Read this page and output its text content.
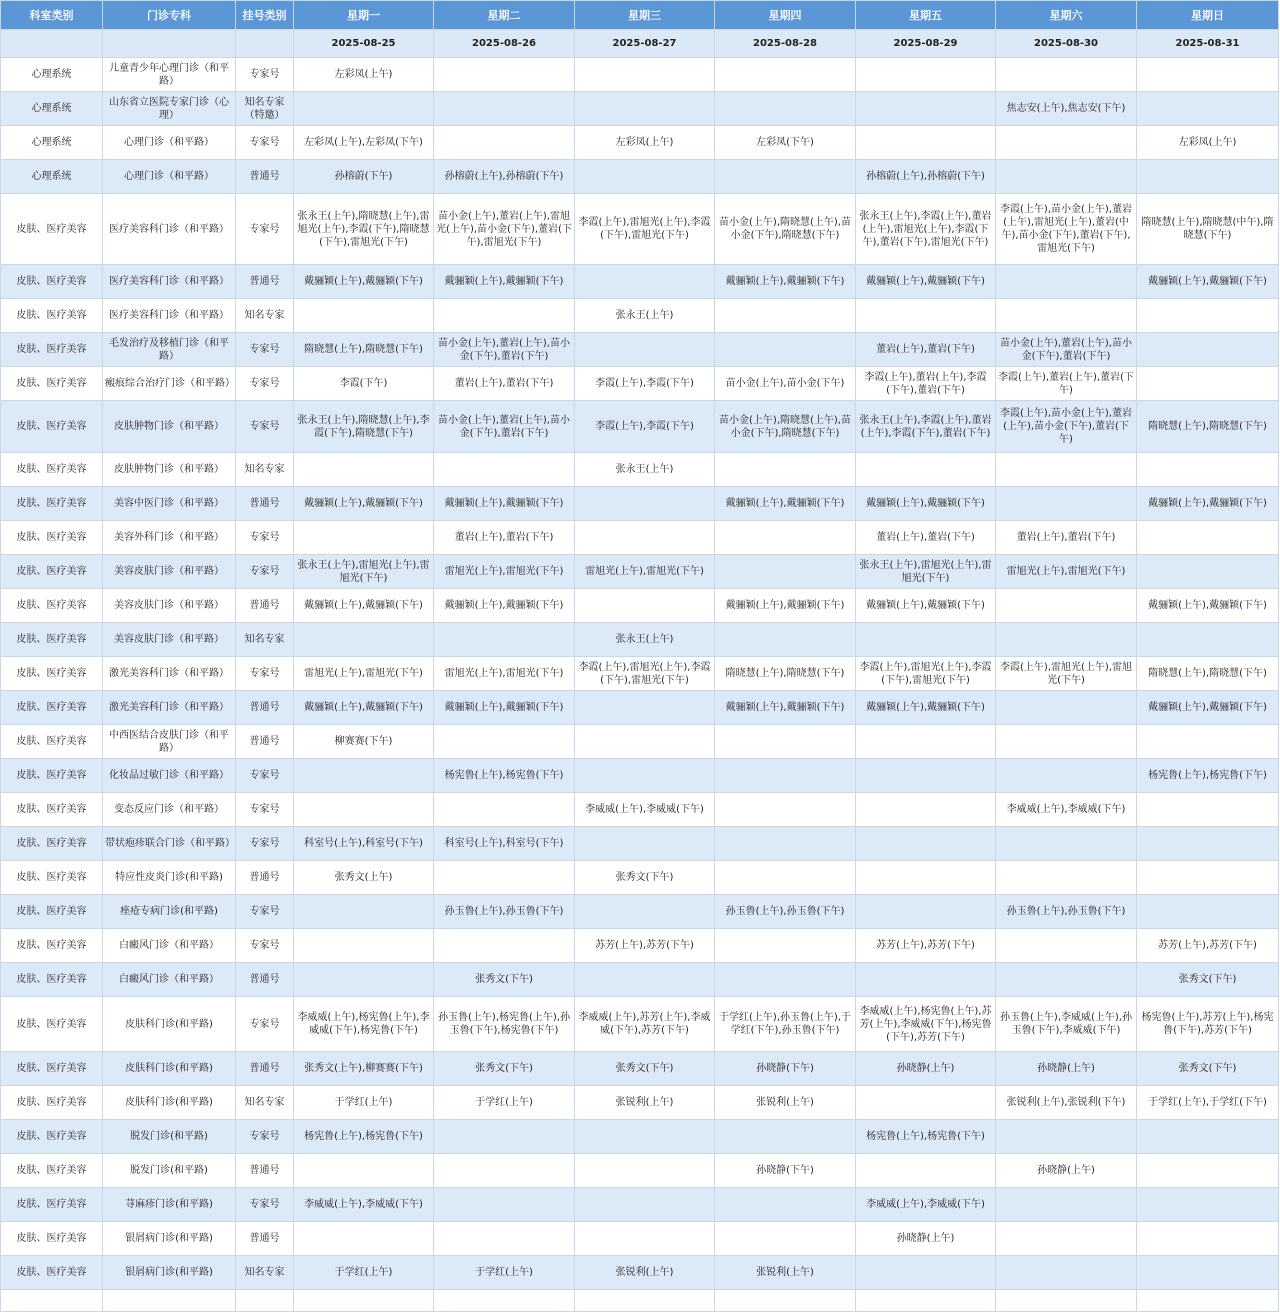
科室类别	门诊专科	挂号类别	星期一	星期二	星期三	星期四	星期五	星期六	星期日
			2025-08-25	2025-08-26	2025-08-27	2025-08-28	2025-08-29	2025-08-30	2025-08-31
心理系统	儿童青少年心理门诊（和平路）	专家号	左彩凤(上午)						
心理系统	山东省立医院专家门诊（心理）	知名专家（特邀）						焦志安(上午),焦志安(下午)	
心理系统	心理门诊（和平路）	专家号	左彩凤(上午),左彩凤(下午)		左彩凤(上午)	左彩凤(下午)			左彩凤(上午)
心理系统	心理门诊（和平路）	普通号	孙榕蔚(下午)	孙榕蔚(上午),孙榕蔚(下午)			孙榕蔚(上午),孙榕蔚(下午)		
皮肤、医疗美容	医疗美容科门诊（和平路）	专家号	张永王(上午),隋晓慧(上午),雷旭光(上午),李霞(下午),隋晓慧(下午),雷旭光(下午)	苗小金(上午),董岩(上午),雷旭光(上午),苗小金(下午),董岩(下午),雷旭光(下午)	李霞(上午),雷旭光(上午),李霞(下午),雷旭光(下午)	苗小金(上午),隋晓慧(上午),苗小金(下午),隋晓慧(下午)	张永王(上午),李霞(上午),董岩(上午),雷旭光(上午),李霞(下午),董岩(下午),雷旭光(下午)	李霞(上午),苗小金(上午),董岩(上午),雷旭光(上午),董岩(中午),苗小金(下午),董岩(下午),雷旭光(下午)	隋晓慧(上午),隋晓慧(中午),隋晓慧(下午)
皮肤、医疗美容	医疗美容科门诊（和平路）	普通号	戴骊颖(上午),戴骊颖(下午)	戴骊颖(上午),戴骊颖(下午)		戴骊颖(上午),戴骊颖(下午)	戴骊颖(上午),戴骊颖(下午)		戴骊颖(上午),戴骊颖(下午)
皮肤、医疗美容	医疗美容科门诊（和平路）	知名专家			张永王(上午)				
皮肤、医疗美容	毛发治疗及移植门诊（和平路）	专家号	隋晓慧(上午),隋晓慧(下午)	苗小金(上午),董岩(上午),苗小金(下午),董岩(下午)			董岩(上午),董岩(下午)	苗小金(上午),董岩(上午),苗小金(下午),董岩(下午)	
皮肤、医疗美容	瘢痕综合治疗门诊（和平路）	专家号	李霞(下午)	董岩(上午),董岩(下午)	李霞(上午),李霞(下午)	苗小金(上午),苗小金(下午)	李霞(上午),董岩(上午),李霞(下午),董岩(下午)	李霞(上午),董岩(上午),董岩(下午)	
皮肤、医疗美容	皮肤肿物门诊（和平路）	专家号	张永王(上午),隋晓慧(上午),李霞(下午),隋晓慧(下午)	苗小金(上午),董岩(上午),苗小金(下午),董岩(下午)	李霞(上午),李霞(下午)	苗小金(上午),隋晓慧(上午),苗小金(下午),隋晓慧(下午)	张永王(上午),李霞(上午),董岩(上午),李霞(下午),董岩(下午)	李霞(上午),苗小金(上午),董岩(上午),苗小金(下午),董岩(下午)	隋晓慧(上午),隋晓慧(下午)
皮肤、医疗美容	皮肤肿物门诊（和平路）	知名专家			张永王(上午)				
皮肤、医疗美容	美容中医门诊（和平路）	普通号	戴骊颖(上午),戴骊颖(下午)	戴骊颖(上午),戴骊颖(下午)		戴骊颖(上午),戴骊颖(下午)	戴骊颖(上午),戴骊颖(下午)		戴骊颖(上午),戴骊颖(下午)
皮肤、医疗美容	美容外科门诊（和平路）	专家号		董岩(上午),董岩(下午)			董岩(上午),董岩(下午)	董岩(上午),董岩(下午)	
皮肤、医疗美容	美容皮肤门诊（和平路）	专家号	张永王(上午),雷旭光(上午),雷旭光(下午)	雷旭光(上午),雷旭光(下午)	雷旭光(上午),雷旭光(下午)		张永王(上午),雷旭光(上午),雷旭光(下午)	雷旭光(上午),雷旭光(下午)	
皮肤、医疗美容	美容皮肤门诊（和平路）	普通号	戴骊颖(上午),戴骊颖(下午)	戴骊颖(上午),戴骊颖(下午)		戴骊颖(上午),戴骊颖(下午)	戴骊颖(上午),戴骊颖(下午)		戴骊颖(上午),戴骊颖(下午)
皮肤、医疗美容	美容皮肤门诊（和平路）	知名专家			张永王(上午)				
皮肤、医疗美容	激光美容科门诊（和平路）	专家号	雷旭光(上午),雷旭光(下午)	雷旭光(上午),雷旭光(下午)	李霞(上午),雷旭光(上午),李霞(下午),雷旭光(下午)	隋晓慧(上午),隋晓慧(下午)	李霞(上午),雷旭光(上午),李霞(下午),雷旭光(下午)	李霞(上午),雷旭光(上午),雷旭光(下午)	隋晓慧(上午),隋晓慧(下午)
皮肤、医疗美容	激光美容科门诊（和平路）	普通号	戴骊颖(上午),戴骊颖(下午)	戴骊颖(上午),戴骊颖(下午)		戴骊颖(上午),戴骊颖(下午)	戴骊颖(上午),戴骊颖(下午)		戴骊颖(上午),戴骊颖(下午)
皮肤、医疗美容	中西医结合皮肤门诊（和平路）	普通号	柳赛赛(下午)						
皮肤、医疗美容	化妆品过敏门诊（和平路）	专家号		杨宪鲁(上午),杨宪鲁(下午)					杨宪鲁(上午),杨宪鲁(下午)
皮肤、医疗美容	变态反应门诊（和平路）	专家号			李威威(上午),李威威(下午)			李威威(上午),李威威(下午)	
皮肤、医疗美容	带状疱疹联合门诊（和平路）	专家号	科室号(上午),科室号(下午)	科室号(上午),科室号(下午)					
皮肤、医疗美容	特应性皮炎门诊(和平路)	普通号	张秀文(上午)		张秀文(下午)				
皮肤、医疗美容	痤疮专病门诊(和平路)	专家号		孙玉鲁(上午),孙玉鲁(下午)		孙玉鲁(上午),孙玉鲁(下午)		孙玉鲁(上午),孙玉鲁(下午)	
皮肤、医疗美容	白癜风门诊（和平路）	专家号			苏芳(上午),苏芳(下午)		苏芳(上午),苏芳(下午)		苏芳(上午),苏芳(下午)
皮肤、医疗美容	白癜风门诊（和平路）	普通号		张秀文(下午)					张秀文(下午)
皮肤、医疗美容	皮肤科门诊(和平路)	专家号	李威威(上午),杨宪鲁(上午),李威威(下午),杨宪鲁(下午)	孙玉鲁(上午),杨宪鲁(上午),孙玉鲁(下午),杨宪鲁(下午)	李威威(上午),苏芳(上午),李威威(下午),苏芳(下午)	于学红(上午),孙玉鲁(上午),于学红(下午),孙玉鲁(下午)	李威威(上午),杨宪鲁(上午),苏芳(上午),李威威(下午),杨宪鲁(下午),苏芳(下午)	孙玉鲁(上午),李威威(上午),孙玉鲁(下午),李威威(下午)	杨宪鲁(上午),苏芳(上午),杨宪鲁(下午),苏芳(下午)
皮肤、医疗美容	皮肤科门诊(和平路)	普通号	张秀文(上午),柳赛赛(下午)	张秀文(下午)	张秀文(下午)	孙晓静(下午)	孙晓静(上午)	孙晓静(上午)	张秀文(下午)
皮肤、医疗美容	皮肤科门诊(和平路)	知名专家	于学红(上午)	于学红(上午)	张锐利(上午)	张锐利(上午)		张锐利(上午),张锐利(下午)	于学红(上午),于学红(下午)
皮肤、医疗美容	脱发门诊(和平路)	专家号	杨宪鲁(上午),杨宪鲁(下午)				杨宪鲁(上午),杨宪鲁(下午)		
皮肤、医疗美容	脱发门诊(和平路)	普通号				孙晓静(下午)		孙晓静(上午)	
皮肤、医疗美容	荨麻疹门诊(和平路)	专家号	李威威(上午),李威威(下午)				李威威(上午),李威威(下午)		
皮肤、医疗美容	银屑病门诊(和平路)	普通号					孙晓静(上午)		
皮肤、医疗美容	银屑病门诊(和平路)	知名专家	于学红(上午)	于学红(上午)	张锐利(上午)	张锐利(上午)			
